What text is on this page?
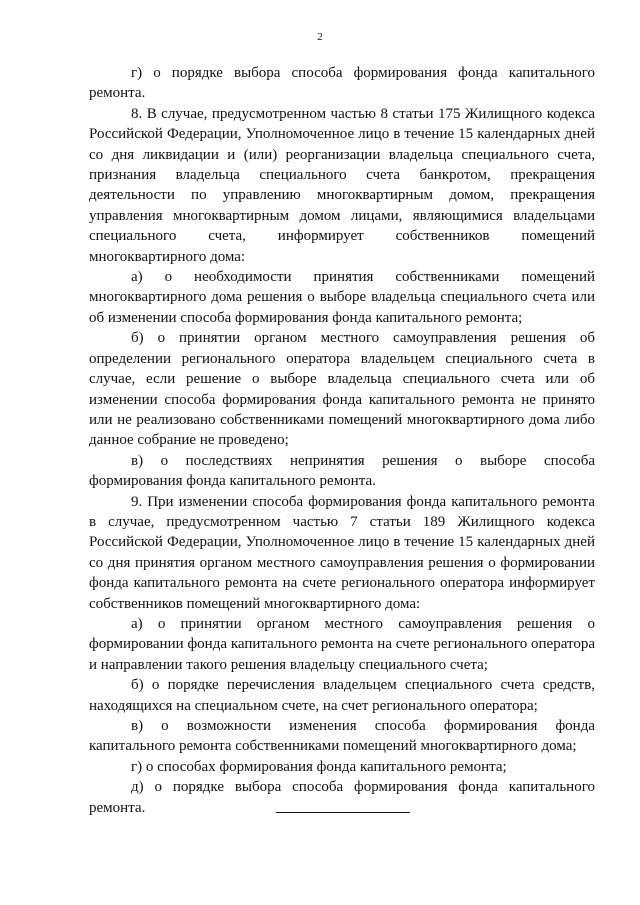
2

г) о порядке выбора способа формирования фонда капитального ремонта.

8. В случае, предусмотренном частью 8 статьи 175 Жилищного кодекса Российской Федерации, Уполномоченное лицо в течение 15 календарных дней со дня ликвидации и (или) реорганизации владельца специального счета, признания владельца специального счета банкротом, прекращения деятельности по управлению многоквартирным домом, прекращения управления многоквартирным домом лицами, являющимися владельцами специального счета, информирует собственников помещений многоквартирного дома:

а) о необходимости принятия собственниками помещений многоквартирного дома решения о выборе владельца специального счета или об изменении способа формирования фонда капитального ремонта;

б) о принятии органом местного самоуправления решения об определении регионального оператора владельцем специального счета в случае, если решение о выборе владельца специального счета или об изменении способа формирования фонда капитального ремонта не принято или не реализовано собственниками помещений многоквартирного дома либо данное собрание не проведено;

в) о последствиях непринятия решения о выборе способа формирования фонда капитального ремонта.

9. При изменении способа формирования фонда капитального ремонта в случае, предусмотренном частью 7 статьи 189 Жилищного кодекса Российской Федерации, Уполномоченное лицо в течение 15 календарных дней со дня принятия органом местного самоуправления решения о формировании фонда капитального ремонта на счете регионального оператора информирует собственников помещений многоквартирного дома:

а) о принятии органом местного самоуправления решения о формировании фонда капитального ремонта на счете регионального оператора и направлении такого решения владельцу специального счета;

б) о порядке перечисления владельцем специального счета средств, находящихся на специальном счете, на счет регионального оператора;

в) о возможности изменения способа формирования фонда капитального ремонта собственниками помещений многоквартирного дома;

г) о способах формирования фонда капитального ремонта;

д) о порядке выбора способа формирования фонда капитального ремонта.
